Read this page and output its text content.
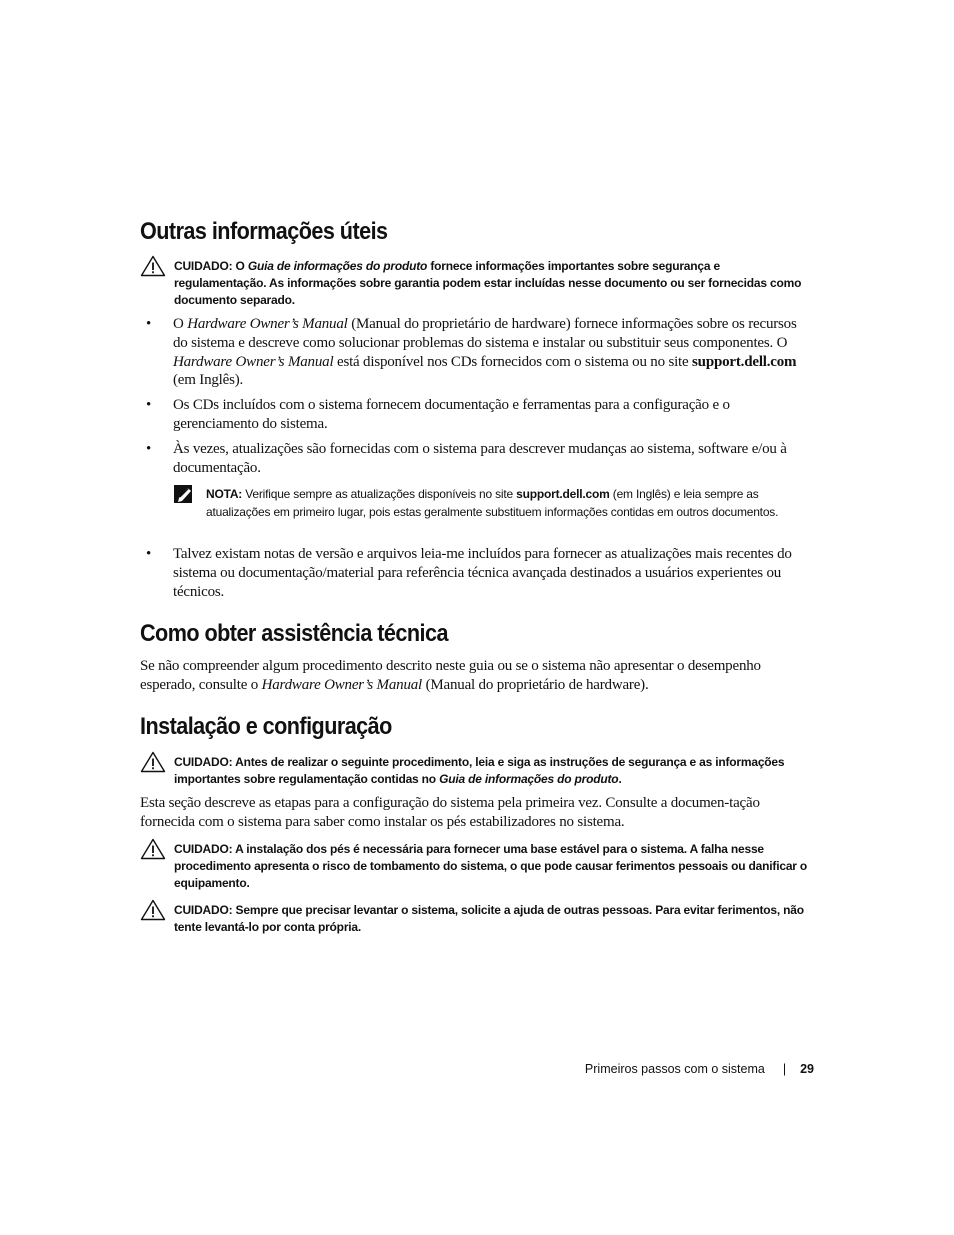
Outras informações úteis
CUIDADO: O Guia de informações do produto fornece informações importantes sobre segurança e regulamentação. As informações sobre garantia podem estar incluídas nesse documento ou ser fornecidas como documento separado.
• O Hardware Owner’s Manual (Manual do proprietário de hardware) fornece informações sobre os recursos do sistema e descreve como solucionar problemas do sistema e instalar ou substituir seus componentes. O Hardware Owner’s Manual está disponível nos CDs fornecidos com o sistema ou no site support.dell.com (em Inglês).
• Os CDs incluídos com o sistema fornecem documentação e ferramentas para a configuração e o gerenciamento do sistema.
• Às vezes, atualizações são fornecidas com o sistema para descrever mudanças ao sistema, software e/ou à documentação.
NOTA: Verifique sempre as atualizações disponíveis no site support.dell.com (em Inglês) e leia sempre as atualizações em primeiro lugar, pois estas geralmente substituem informações contidas em outros documentos.
• Talvez existam notas de versão e arquivos leia-me incluídos para fornecer as atualizações mais recentes do sistema ou documentação/material para referência técnica avançada destinados a usuários experientes ou técnicos.
Como obter assistência técnica

Se não compreender algum procedimento descrito neste guia ou se o sistema não apresentar o desempenho esperado, consulte o Hardware Owner’s Manual (Manual do proprietário de hardware).

Instalação e configuração
CUIDADO: Antes de realizar o seguinte procedimento, leia e siga as instruções de segurança e as informações importantes sobre regulamentação contidas no Guia de informações do produto.

Esta seção descreve as etapas para a configuração do sistema pela primeira vez. Consulte a documen-tação fornecida com o sistema para saber como instalar os pés estabilizadores no sistema.

CUIDADO: A instalação dos pés é necessária para fornecer uma base estável para o sistema. A falha nesse procedimento apresenta o risco de tombamento do sistema, o que pode causar ferimentos pessoais ou danificar o equipamento.
CUIDADO: Sempre que precisar levantar o sistema, solicite a ajuda de outras pessoas. Para evitar ferimentos, não tente levantá-lo por conta própria.
Primeiros passos com o sistema | 29
